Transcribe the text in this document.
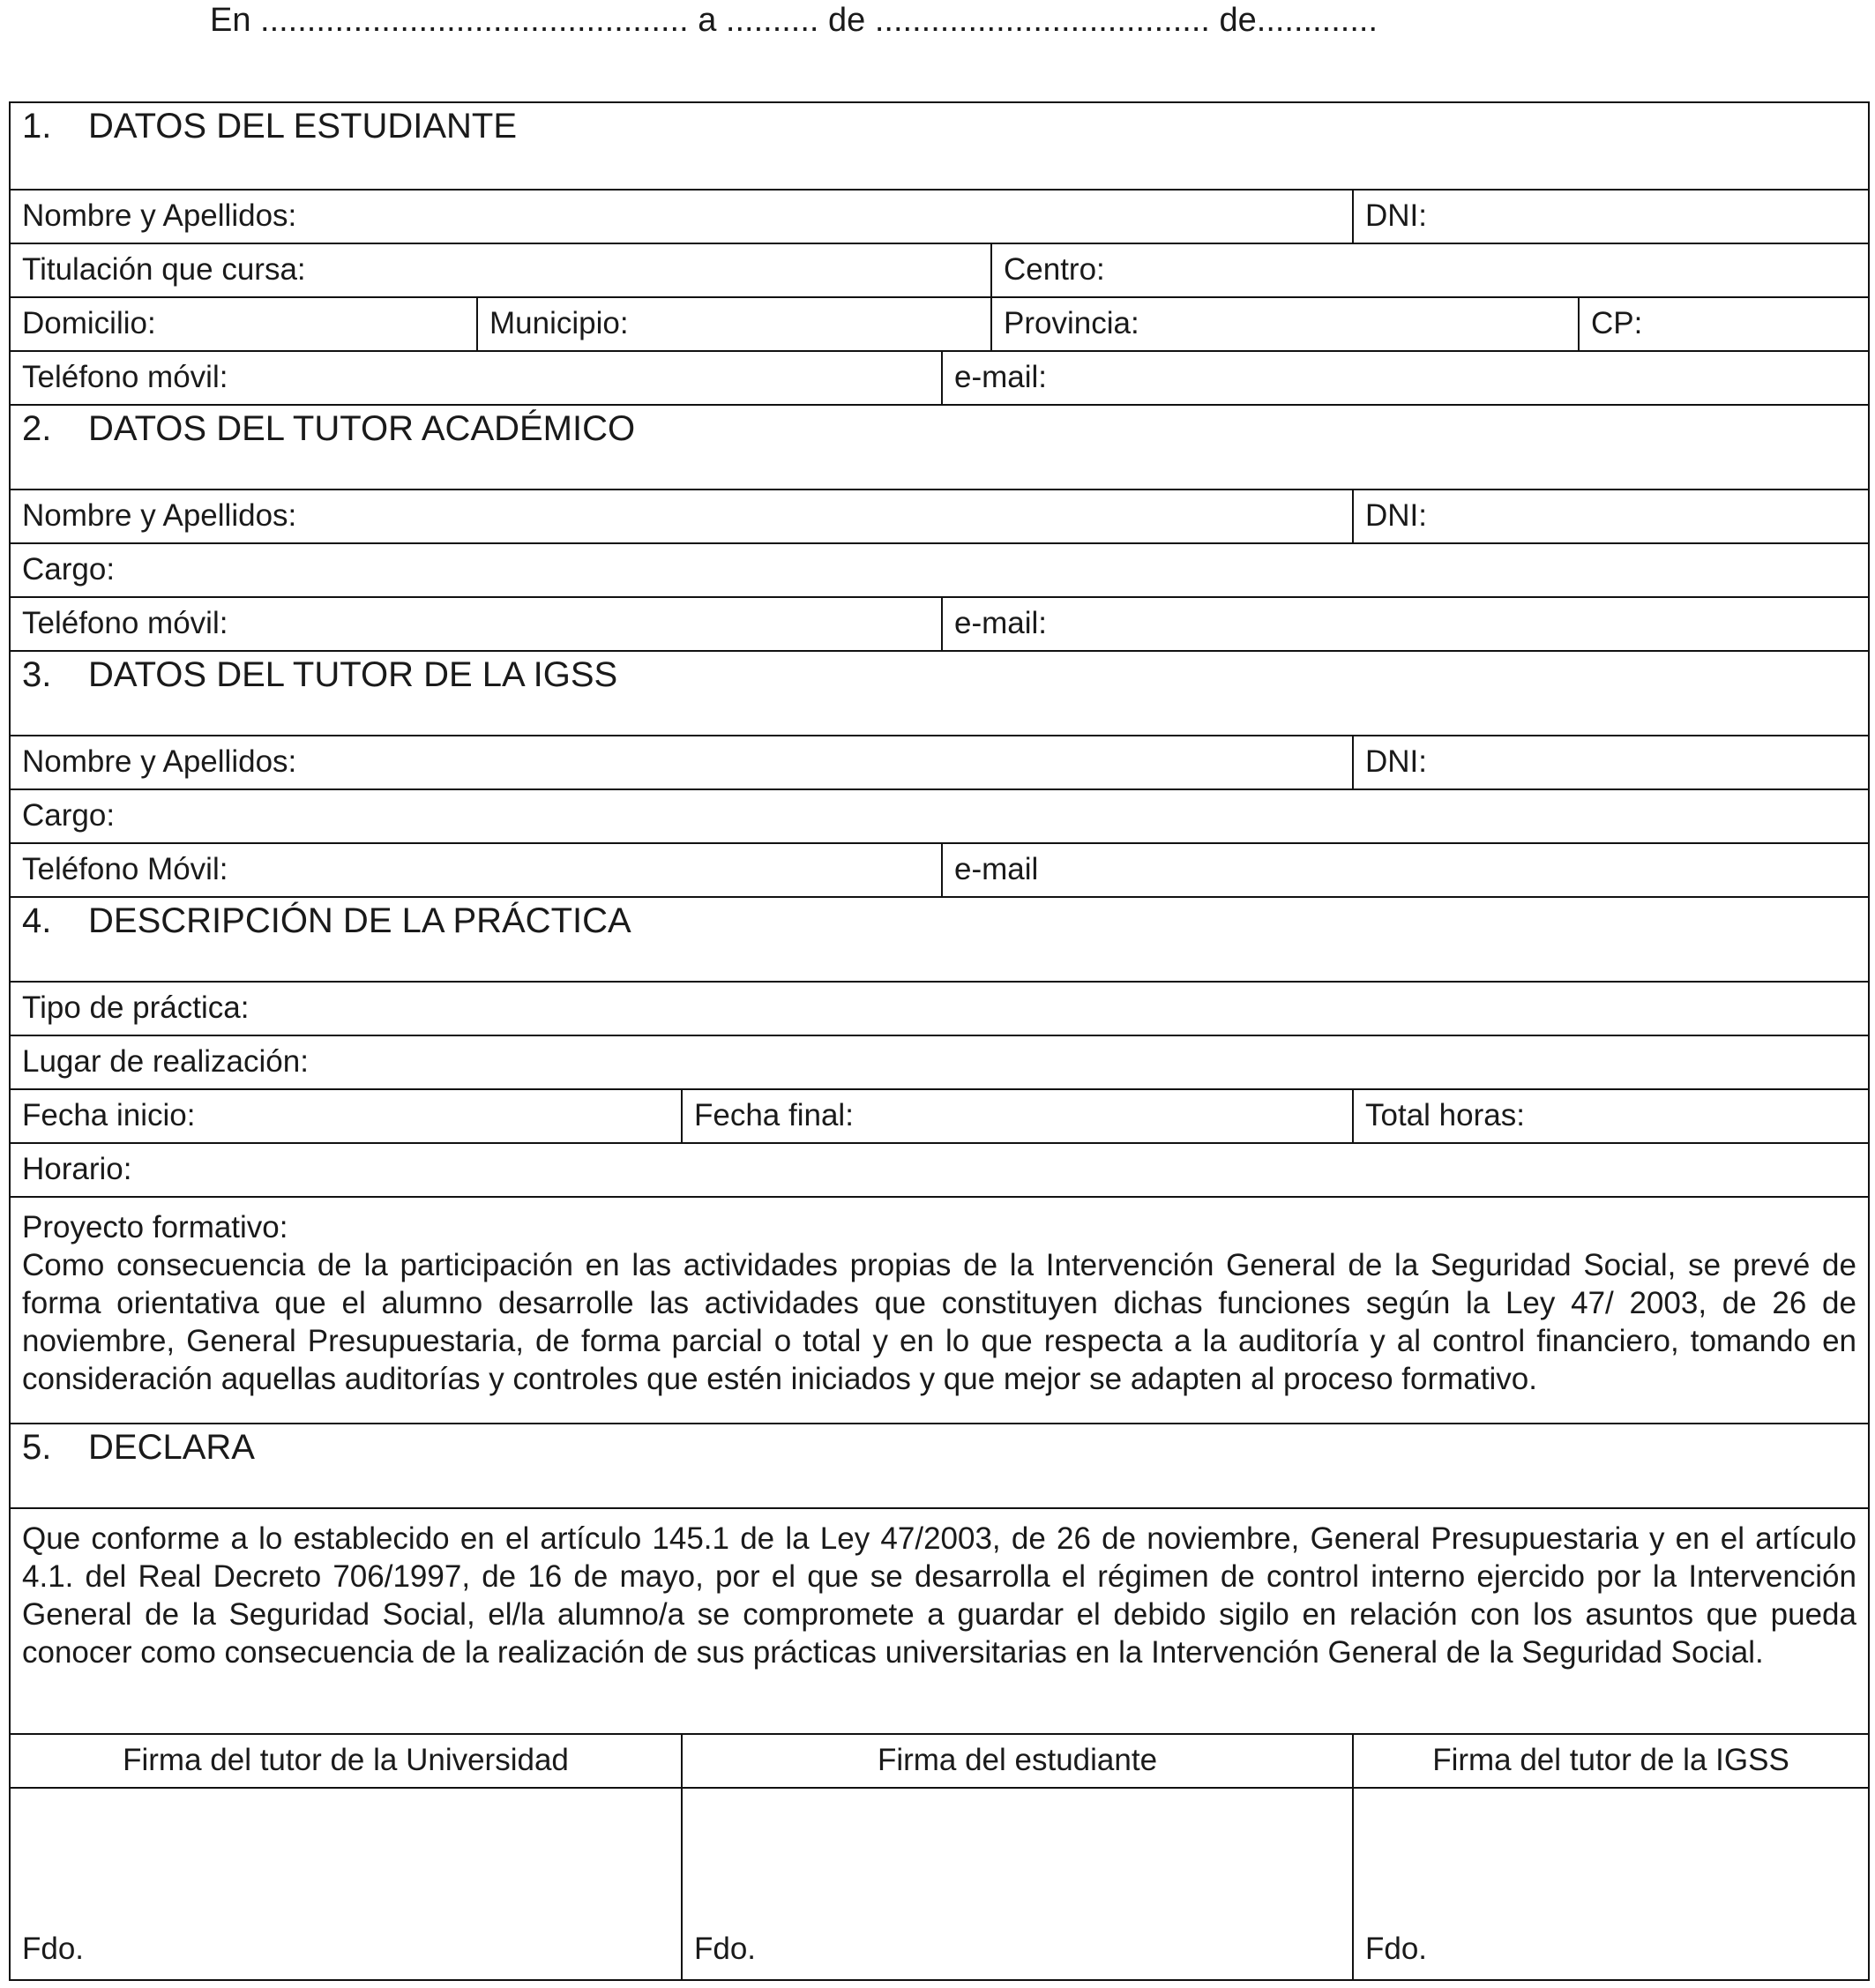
En .............................................. a .......... de .................................... de.............
1. DATOS DEL ESTUDIANTE
Nombre y Apellidos:	DNI:
Titulación que cursa:	Centro:
Domicilio:	Municipio:	Provincia:	CP:
Teléfono móvil:	e-mail:
2. DATOS DEL TUTOR ACADÉMICO
Nombre y Apellidos:	DNI:
Cargo:
Teléfono móvil:	e-mail:
3. DATOS DEL TUTOR DE LA IGSS
Nombre y Apellidos:	DNI:
Cargo:
Teléfono Móvil:	e-mail
4. DESCRIPCIÓN DE LA PRÁCTICA
Tipo de práctica:
Lugar de realización:
Fecha inicio:	Fecha final:	Total horas:
Horario:
Proyecto formativo:
Como consecuencia de la participación en las actividades propias de la Intervención General de la Seguridad Social, se prevé de forma orientativa que el alumno desarrolle las actividades que constituyen dichas funciones según la Ley 47/ 2003, de 26 de noviembre, General Presupuestaria, de forma parcial o total y en lo que respecta a la auditoría y al control financiero, tomando en consideración aquellas auditorías y controles que estén iniciados y que mejor se adapten al proceso formativo.
5. DECLARA
Que conforme a lo establecido en el artículo 145.1 de la Ley 47/2003, de 26 de noviembre, General Presupuestaria y en el artículo 4.1. del Real Decreto 706/1997, de 16 de mayo, por el que se desarrolla el régimen de control interno ejercido por la Intervención General de la Seguridad Social, el/la alumno/a se compromete a guardar el debido sigilo en relación con los asuntos que pueda conocer como consecuencia de la realización de sus prácticas universitarias en la Intervención General de la Seguridad Social.
Firma del tutor de la Universidad	Firma del estudiante	Firma del tutor de la IGSS
Fdo.	Fdo.	Fdo.
